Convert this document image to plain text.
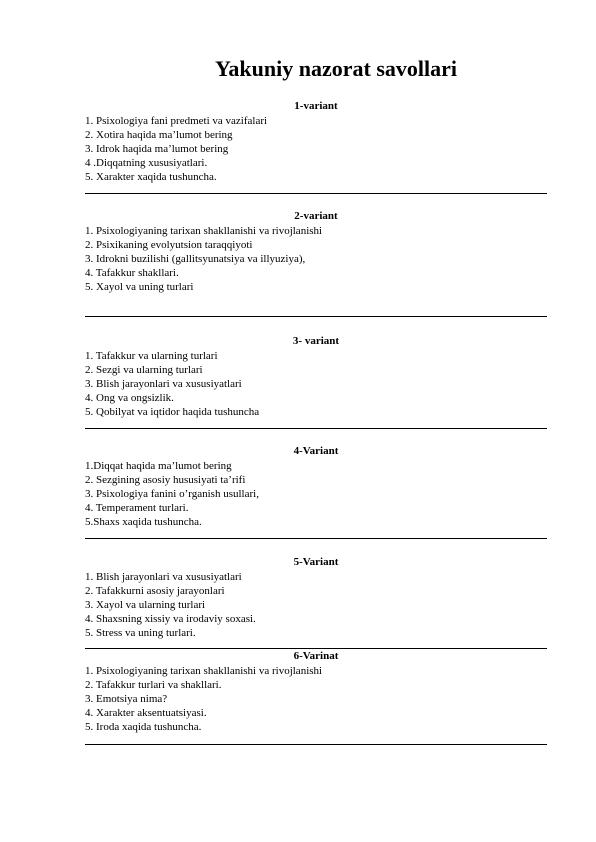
Yakuniy nazorat savollari
1-variant
1. Psixologiya fani predmeti va vazifalari
2. Xotira haqida ma’lumot bering
3. Idrok haqida ma’lumot bering
4 .Diqqatning xususiyatlari.
5. Xarakter xaqida tushuncha.
2-variant
1. Psixologiyaning tarixan shakllanishi va rivojlanishi
2. Psixikaning evolyutsion taraqqiyoti
3. Idrokni buzilishi (gallitsyunatsiya va illyuziya),
4. Tafakkur shakllari.
5. Xayol va uning turlari
3- variant
1. Tafakkur va ularning turlari
2. Sezgi va ularning turlari
3. Blish jarayonlari va xususiyatlari
4. Ong va ongsizlik.
5. Qobilyat va iqtidor haqida tushuncha
4-Variant
1.Diqqat haqida ma’lumot bering
2. Sezgining asosiy hususiyati ta’rifi
3. Psixologiya fanini o’rganish usullari,
4. Temperament turlari.
5.Shaxs xaqida tushuncha.
5-Variant
1. Blish jarayonlari va xususiyatlari
2. Tafakkurni asosiy jarayonlari
3. Xayol va ularning turlari
4. Shaxsning xissiy va irodaviy soxasi.
5. Stress va uning turlari.
6-Varinat
1. Psixologiyaning tarixan shakllanishi va rivojlanishi
2. Tafakkur turlari va shakllari.
3. Emotsiya nima?
4. Xarakter aksentuatsiyasi.
5. Iroda xaqida tushuncha.
